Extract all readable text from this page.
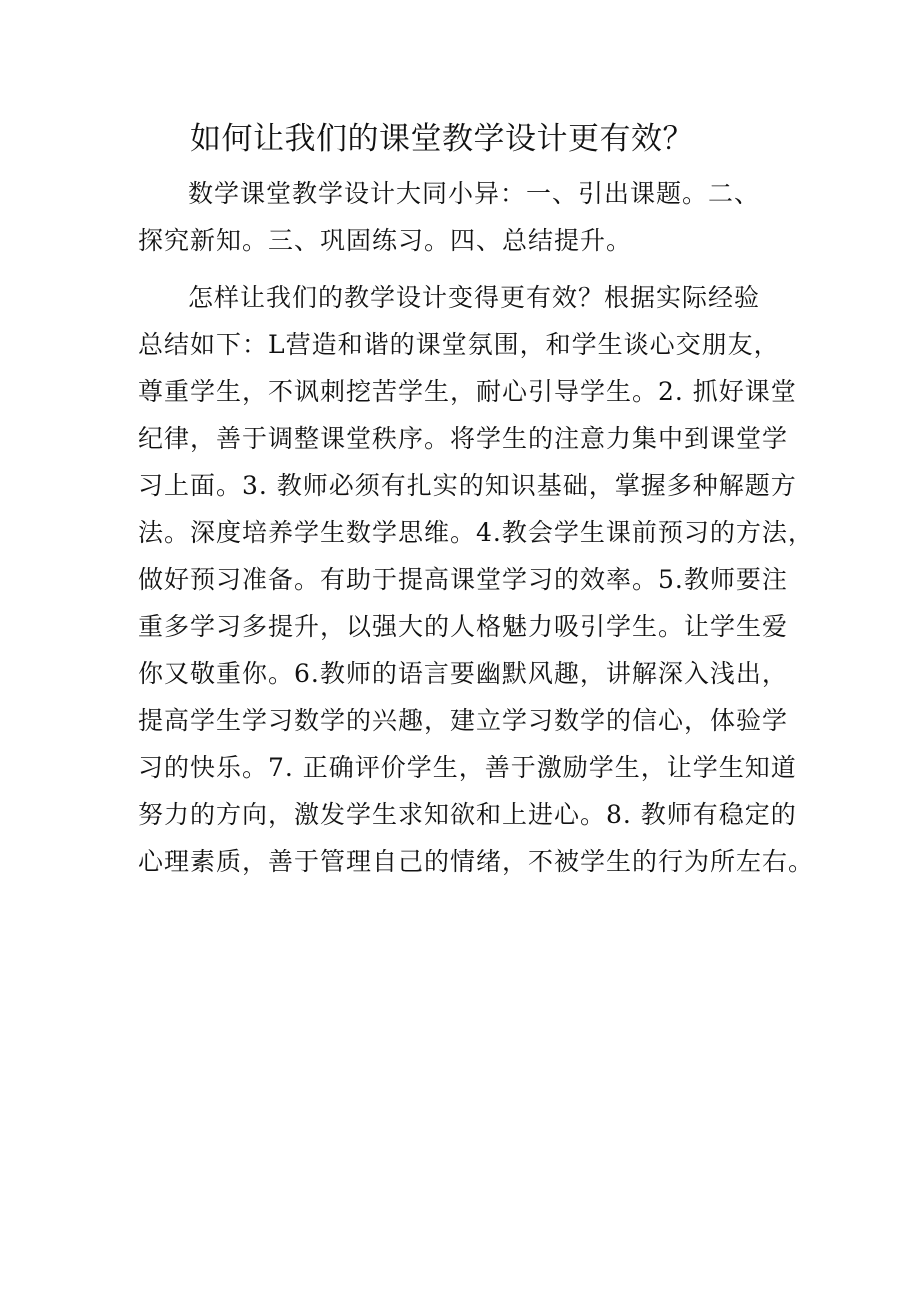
如何让我们的课堂教学设计更有效？
数学课堂教学设计大同小异：一、引出课题。二、
探究新知。三、巩固练习。四、总结提升。
怎样让我们的教学设计变得更有效？根据实际经验
总结如下：L营造和谐的课堂氛围，和学生谈心交朋友，
尊重学生，不讽刺挖苦学生，耐心引导学生。2. 抓好课堂
纪律，善于调整课堂秩序。将学生的注意力集中到课堂学
习上面。3. 教师必须有扎实的知识基础，掌握多种解题方
法。深度培养学生数学思维。4.教会学生课前预习的方法，
做好预习准备。有助于提高课堂学习的效率。5.教师要注
重多学习多提升，以强大的人格魅力吸引学生。让学生爱
你又敬重你。6.教师的语言要幽默风趣，讲解深入浅出，
提高学生学习数学的兴趣，建立学习数学的信心，体验学
习的快乐。7. 正确评价学生，善于激励学生，让学生知道
努力的方向，激发学生求知欲和上进心。8. 教师有稳定的
心理素质，善于管理自己的情绪，不被学生的行为所左右。
